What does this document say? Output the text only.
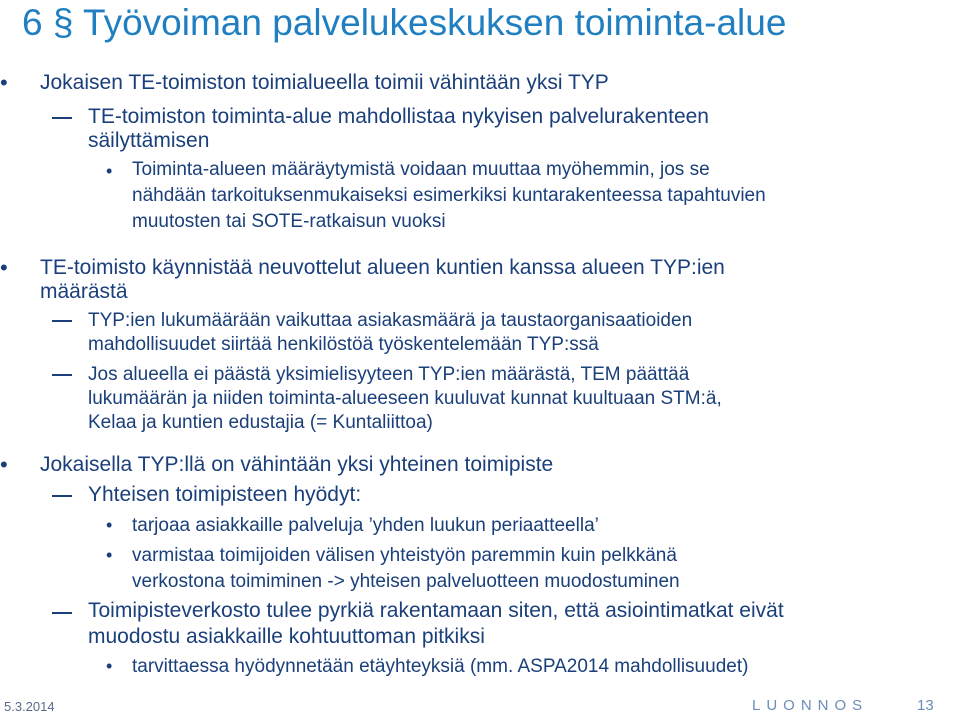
6 § Työvoiman palvelukeskuksen toiminta-alue
• Jokaisen TE-toimiston toimialueella toimii vähintään yksi TYP
TE-toimiston toiminta-alue mahdollistaa nykyisen palvelurakenteen
säilyttämisen
• Toiminta-alueen määräytymistä voidaan muuttaa myöhemmin, jos se
nähdään tarkoituksenmukaiseksi esimerkiksi kuntarakenteessa tapahtuvien
muutosten tai SOTE-ratkaisun vuoksi
• TE-toimisto käynnistää neuvottelut alueen kuntien kanssa alueen TYP:ien
määrästä
TYP:ien lukumäärään vaikuttaa asiakasmäärä ja taustaorganisaatioiden
mahdollisuudet siirtää henkilöstöä työskentelemään TYP:ssä
Jos alueella ei päästä yksimielisyyteen TYP:ien määrästä, TEM päättää
lukumäärän ja niiden toiminta-alueeseen kuuluvat kunnat kuultuaan STM:ä,
Kelaa ja kuntien edustajia (= Kuntaliittoa)
• Jokaisella TYP:llä on vähintään yksi yhteinen toimipiste
Yhteisen toimipisteen hyödyt:
• tarjoaa asiakkaille palveluja ’yhden luukun periaatteella’
• varmistaa toimijoiden välisen yhteistyön paremmin kuin pelkkänä
verkostona toimiminen -> yhteisen palveluotteen muodostuminen
Toimipisteverkosto tulee pyrkiä rakentamaan siten, että asiointimatkat eivät
muodostu asiakkaille kohtuuttoman pitkiksi
• tarvittaessa hyödynnetään etäyhteyksiä (mm. ASPA2014 mahdollisuudet)
5.3.2014	LUONNOS	13
